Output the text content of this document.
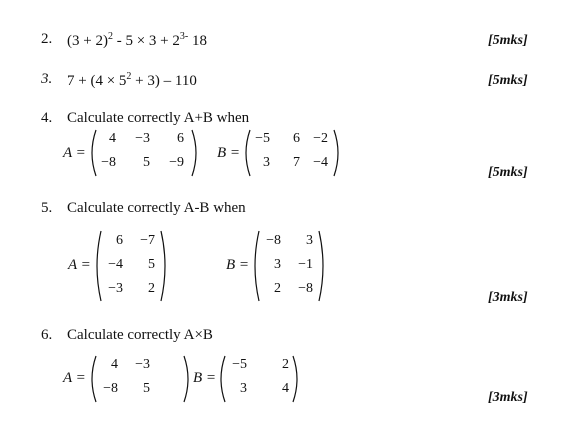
2. $(3 + 2)^2 - 5 \times 3 + 2^{3-}$ 18	[5mks]
3. $7 + (4 \times 5^2 + 3) - 110$	[5mks]
4. Calculate correctly A+B when
A =
4	−3	6
−8	5	−9
B =
−5	6 −2
3	7 −4
[5mks]
5. Calculate correctly A-B when
A =
6	−7
−4	5
−3	2
B =
−8	3
3	−1
2	−8
[3mks]
6. Calculate correctly A×B
A =
4	−3
−8	5
B =
−5	2
3	4
[3mks]
